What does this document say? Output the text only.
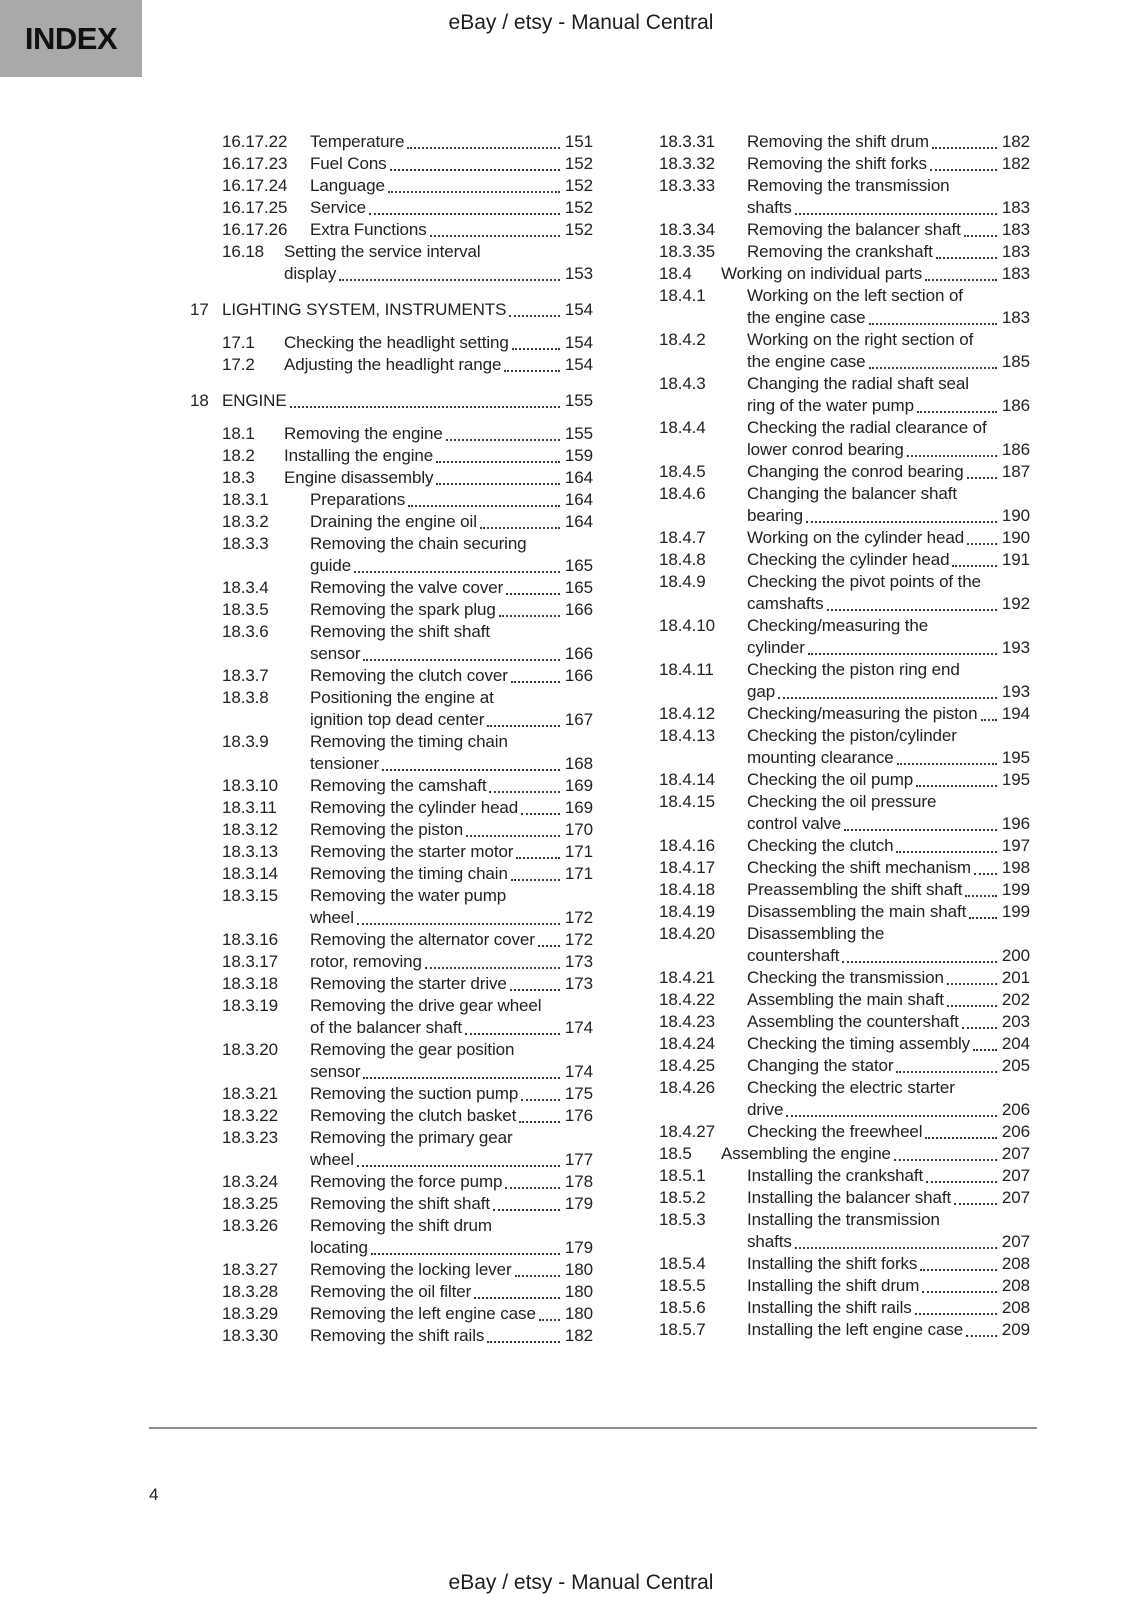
INDEX	eBay / etsy - Manual Central
16.17.22	Temperature	151
16.17.23	Fuel Cons	152
16.17.24	Language	152
16.17.25	Service	152
16.17.26	Extra Functions	152
16.18	Setting the service interval
display	153
17 LIGHTING SYSTEM, INSTRUMENTS	154
17.1	Checking the headlight setting	154
17.2	Adjusting the headlight range	154
18 ENGINE	155
18.1	Removing the engine	155
18.2	Installing the engine	159
18.3	Engine disassembly	164
18.3.1	Preparations	164
18.3.2	Draining the engine oil	164
18.3.3	Removing the chain securing
guide	165
18.3.4	Removing the valve cover	165
18.3.5	Removing the spark plug	166
18.3.6	Removing the shift shaft
sensor	166
18.3.7	Removing the clutch cover	166
18.3.8	Positioning the engine at
ignition top dead center	167
18.3.9	Removing the timing chain
tensioner	168
18.3.10	Removing the camshaft	169
18.3.11	Removing the cylinder head	169
18.3.12	Removing the piston	170
18.3.13	Removing the starter motor	171
18.3.14	Removing the timing chain	171
18.3.15	Removing the water pump
wheel	172
18.3.16	Removing the alternator cover 172
18.3.17	rotor, removing	173
18.3.18	Removing the starter drive	173
18.3.19	Removing the drive gear wheel
of the balancer shaft	174
18.3.20	Removing the gear position
sensor	174
18.3.21	Removing the suction pump	175
18.3.22	Removing the clutch basket	176
18.3.23	Removing the primary gear
wheel	177
18.3.24	Removing the force pump	178
18.3.25	Removing the shift shaft	179
18.3.26	Removing the shift drum
locating	179
18.3.27	Removing the locking lever	180
18.3.28	Removing the oil filter	180
18.3.29	Removing the left engine case 180
18.3.30	Removing the shift rails	182
18.3.31	Removing the shift drum	182
18.3.32	Removing the shift forks	182
18.3.33	Removing the transmission
shafts	183
18.3.34	Removing the balancer shaft 183
18.3.35	Removing the crankshaft	183
18.4	Working on individual parts	183
18.4.1	Working on the left section of
the engine case	183
18.4.2	Working on the right section of
the engine case	185
18.4.3	Changing the radial shaft seal
ring of the water pump	186
18.4.4	Checking the radial clearance of
lower conrod bearing	186
18.4.5	Changing the conrod bearing 187
18.4.6	Changing the balancer shaft
bearing	190
18.4.7	Working on the cylinder head 190
18.4.8	Checking the cylinder head	191
18.4.9	Checking the pivot points of the
camshafts	192
18.4.10	Checking/measuring the
cylinder	193
18.4.11	Checking the piston ring end
gap	193
18.4.12	Checking/measuring the piston 194
18.4.13	Checking the piston/cylinder
mounting clearance	195
18.4.14	Checking the oil pump	195
18.4.15	Checking the oil pressure
control valve	196
18.4.16	Checking the clutch	197
18.4.17	Checking the shift mechanism 198
18.4.18	Preassembling the shift shaft 199
18.4.19	Disassembling the main shaft 199
18.4.20	Disassembling the
countershaft	200
18.4.21	Checking the transmission	201
18.4.22	Assembling the main shaft	202
18.4.23	Assembling the countershaft	203
18.4.24	Checking the timing assembly 204
18.4.25	Changing the stator	205
18.4.26	Checking the electric starter
drive	206
18.4.27	Checking the freewheel	206
18.5	Assembling the engine	207
18.5.1	Installing the crankshaft	207
18.5.2	Installing the balancer shaft	207
18.5.3	Installing the transmission
shafts	207
18.5.4	Installing the shift forks	208
18.5.5	Installing the shift drum	208
18.5.6	Installing the shift rails	208
18.5.7	Installing the left engine case 209
4
eBay / etsy - Manual Central
